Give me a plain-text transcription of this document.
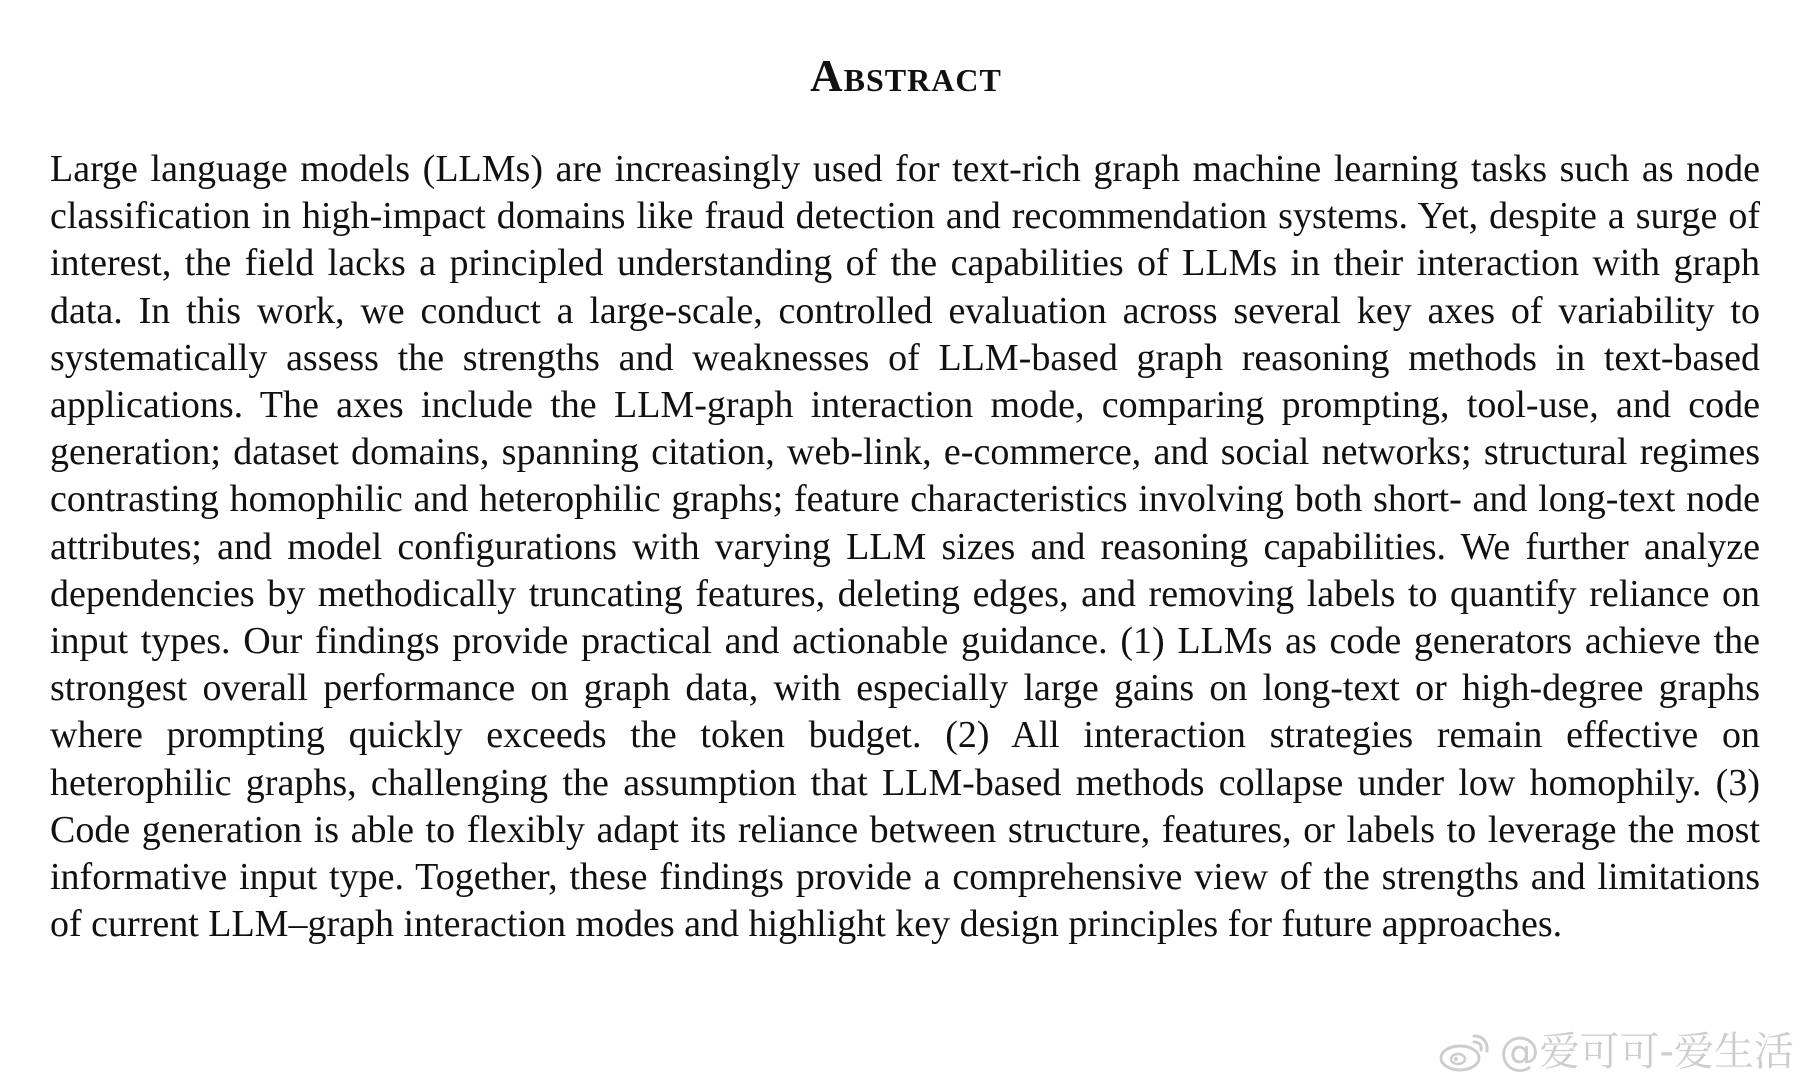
Abstract

Large language models (LLMs) are increasingly used for text-rich graph machine learning tasks such as node classification in high-impact domains like fraud detection and recommendation systems. Yet, despite a surge of interest, the field lacks a principled understanding of the capabilities of LLMs in their interaction with graph data. In this work, we conduct a large-scale, controlled evaluation across several key axes of variability to systematically assess the strengths and weaknesses of LLM-based graph reasoning methods in text-based applications. The axes include the LLM-graph interaction mode, comparing prompting, tool-use, and code generation; dataset domains, spanning citation, web-link, e-commerce, and social networks; structural regimes contrasting homophilic and heterophilic graphs; feature characteristics involving both short- and long-text node attributes; and model configurations with varying LLM sizes and reasoning capabilities. We further analyze dependencies by methodically truncating features, deleting edges, and removing labels to quantify reliance on input types. Our findings provide practical and actionable guidance. (1) LLMs as code generators achieve the strongest overall performance on graph data, with especially large gains on long-text or high-degree graphs where prompting quickly exceeds the token budget. (2) All interaction strategies remain effective on heterophilic graphs, challenging the assumption that LLM-based methods collapse under low homophily. (3) Code generation is able to flexibly adapt its reliance between structure, features, or labels to leverage the most informative input type. Together, these findings provide a comprehensive view of the strengths and limitations of current LLM–graph interaction modes and highlight key design principles for future approaches.

@爱可可-爱生活
